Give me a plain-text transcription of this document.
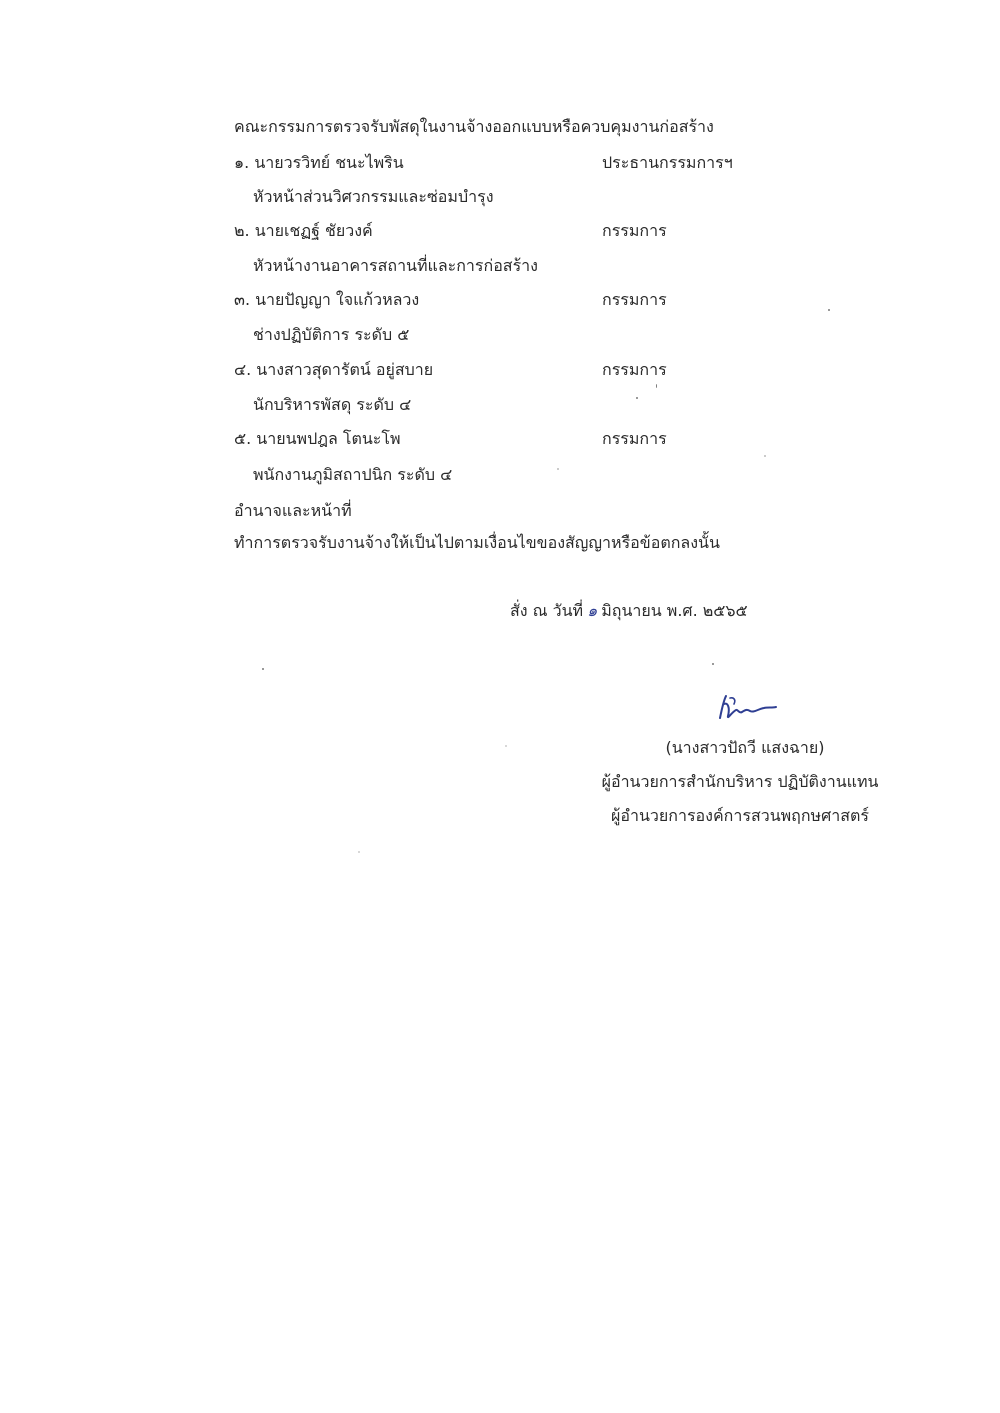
คณะกรรมการตรวจรับพัสดุในงานจ้างออกแบบหรือควบคุมงานก่อสร้าง
๑. นายวรวิทย์ ชนะไพริน	ประธานกรรมการฯ
หัวหน้าส่วนวิศวกรรมและซ่อมบำรุง
๒. นายเชฏฐ์ ชัยวงค์	กรรมการ
หัวหน้างานอาคารสถานที่และการก่อสร้าง
๓. นายปัญญา ใจแก้วหลวง	กรรมการ
ช่างปฏิบัติการ ระดับ ๕
๔. นางสาวสุดารัตน์ อยู่สบาย	กรรมการ
นักบริหารพัสดุ ระดับ ๔
๕. นายนพปฎล โตนะโพ	กรรมการ
พนักงานภูมิสถาปนิก ระดับ ๔
อำนาจและหน้าที่
ทำการตรวจรับงานจ้างให้เป็นไปตามเงื่อนไขของสัญญาหรือข้อตกลงนั้น
สั่ง ณ วันที่ ๑ มิถุนายน พ.ศ. ๒๕๖๕
(นางสาวปัถวี แสงฉาย)
ผู้อำนวยการสำนักบริหาร ปฏิบัติงานแทน
ผู้อำนวยการองค์การสวนพฤกษศาสตร์
